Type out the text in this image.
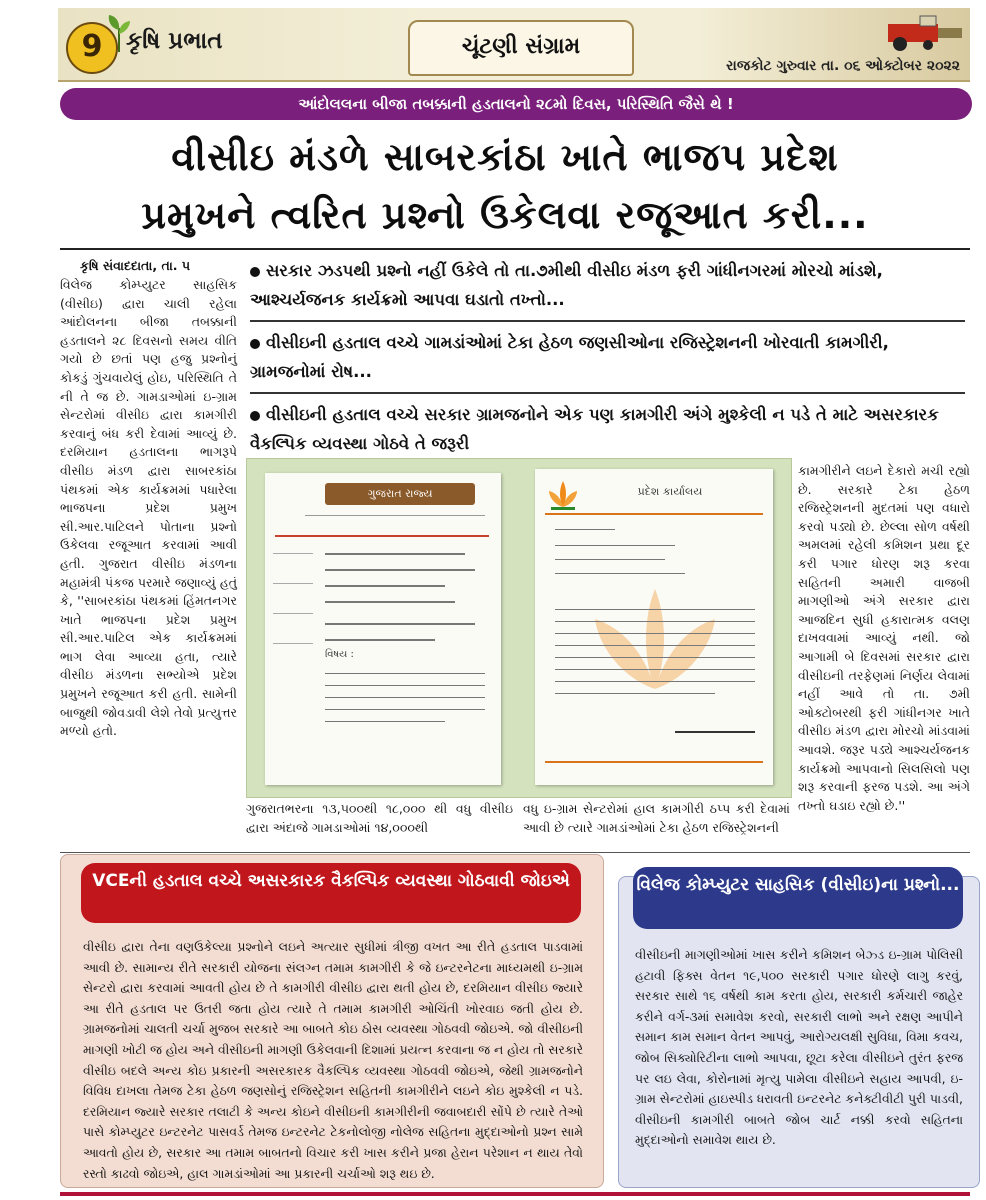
9	કૃષિ પ્રભાત	ચૂંટણી સંગ્રામ
રાજકોટ ગુરુવાર તા. ૦૬ ઓક્ટોબર ૨૦૨૨
આંદોલલના બીજા તબક્કાની હડતાલનો ૨૮મો દિવસ, પરિસ્થિતિ જૈસે થે !
વીસીઇ મંડળે સાબરકાંઠા ખાતે ભાજપ પ્રદેશ
પ્રમુખને ત્વરિત પ્રશ્નો ઉકેલવા રજૂઆત કરી...
કૃષિ સંવાદદાતા, તા. ૫
વિલેજ કોમ્પ્યુટર સાહસિક (વીસીઇ) દ્વારા ચાલી રહેલા આંદોલનના બીજા તબક્કાની હડતાલને ૨૮ દિવસનો સમય વીતિ ગયો છે છતાં પણ હજુ પ્રશ્નોનું કોકડું ગુંચવાયેલું હોઇ, પરિસ્થિતિ તે ની તે જ છે. ગામડાઓમાં ઇ-ગ્રામ સેન્ટરોમાં વીસીઇ દ્વારા કામગીરી કરવાનું બંધ કરી દેવામાં આવ્યું છે. દરમિયાન હડતાલના ભાગરૂપે વીસીઇ મંડળ દ્વારા સાબરકાંઠા પંથકમાં એક કાર્યક્રમમાં પધારેલા ભાજપના પ્રદેશ પ્રમુખ સી.આર.પાટિલને પોતાના પ્રશ્નો ઉકેલવા રજૂઆત કરવામાં આવી હતી. ગુજરાત વીસીઇ મંડળના મહામંત્રી પંકજ પરમારે જણાવ્યું હતું કે, ''સાબરકાંઠા પંથકમાં હિંમતનગર ખાતે ભાજપના પ્રદેશ પ્રમુખ સી.આર.પાટિલ એક કાર્યક્રમમાં ભાગ લેવા આવ્યા હતા, ત્યારે વીસીઇ મંડળના સભ્યોએ પ્રદેશ પ્રમુખને રજૂઆત કરી હતી. સામેની બાજુથી જોવડાવી લેશે તેવો પ્રત્યુત્તર મળ્યો હતો.
સરકાર ઝડપથી પ્રશ્નો નહીં ઉકેલે તો તા.૭મીથી વીસીઇ મંડળ ફરી ગાંધીનગરમાં મોરચો માંડશે, આશ્ચર્યજનક કાર્યક્રમો આપવા ઘડાતો તખ્તો...
વીસીઇની હડતાલ વચ્ચે ગામડાંઓમાં ટેકા હેઠળ જણસીઓના રજિસ્ટ્રેશનની ખોરવાતી કામગીરી, ગ્રામજનોમાં રોષ...
વીસીઇની હડતાલ વચ્ચે સરકાર ગ્રામજનોને એક પણ કામગીરી અંગે મુશ્કેલી ન પડે તે માટે અસરકારક વૈકલ્પિક વ્યવસ્થા ગોઠવે તે જરૂરી
ગુજરાત રાજ્ય
વિષય :
પ્રદેશ કાર્યાલય
કામગીરીને લઇને દેકારો મચી રહ્યો છે. સરકારે ટેકા હેઠળ રજિસ્ટ્રેશનની મુદતમાં પણ વધારો કરવો પડ્યો છે. છેલ્લા સોળ વર્ષથી અમલમાં રહેલી કમિશન પ્રથા દૂર કરી પગાર ધોરણ શરૂ કરવા સહિતની અમારી વાજબી માગણીઓ અંગે સરકાર દ્વારા આજદિન સુધી હકારાત્મક વલણ દાખવવામાં આવ્યું નથી. જો આગામી બે દિવસમાં સરકાર દ્વારા વીસીઇની તરફેણમાં નિર્ણય લેવામાં નહીં આવે તો તા. ૭મી ઓક્ટોબરથી ફરી ગાંધીનગર ખાતે વીસીઇ મંડળ દ્વારા મોરચો માંડવામાં આવશે. જરૂર પડ્યે આશ્ચર્યજનક કાર્યક્રમો આપવાનો સિલસિલો પણ શરૂ કરવાની ફરજ પડશે. આ અંગે તખ્તો ઘડાઇ રહ્યો છે.''
ગુજરાતભરના ૧૩,૫૦૦થી ૧૮,૦૦૦ થી વધુ વીસીઇ દ્વારા અંદાજે ગામડાઓમાં ૧૪,૦૦૦થી
વધુ ઇ-ગ્રામ સેન્ટરોમાં હાલ કામગીરી ઠપ્પ કરી દેવામાં આવી છે ત્યારે ગામડાંઓમાં ટેકા હેઠળ રજિસ્ટ્રેશનની
VCEની હડતાલ વચ્ચે અસરકારક વૈકલ્પિક વ્યવસ્થા ગોઠવાવી જોઇએ
વીસીઇ દ્વારા તેના વણઉકેલ્યા પ્રશ્નોને લઇને અત્યાર સુધીમાં ત્રીજી વખત આ રીતે હડતાલ પાડવામાં આવી છે. સામાન્ય રીતે સરકારી યોજના સંલગ્ન તમામ કામગીરી કે જે ઇન્ટરનેટના માધ્યમથી ઇ-ગ્રામ સેન્ટરો દ્વારા કરવામાં આવતી હોય છે તે કામગીરી વીસીઇ દ્વારા થતી હોય છે, દરમિયાન વીસીઇ જ્યારે આ રીતે હડતાલ પર ઉતરી જતા હોય ત્યારે તે તમામ કામગીરી ઓચિંતી ખોરવાઇ જતી હોય છે. ગ્રામજનોમાં ચાલતી ચર્ચા મુજબ સરકારે આ બાબતે કોઇ ઠોસ વ્યવસ્થા ગોઠવવી જોઇએ. જો વીસીઇની માગણી ખોટી જ હોય અને વીસીઇની માગણી ઉકેલવાની દિશામાં પ્રયત્ન કરવાના જ ન હોય તો સરકારે વીસીઇ બદલે અન્ય કોઇ પ્રકારની અસરકારક વૈકલ્પિક વ્યવસ્થા ગોઠવવી જોઇએ, જેથી ગ્રામજનોને વિવિધ દાખલા તેમજ ટેકા હેઠળ જણસોનું રજિસ્ટ્રેશન સહિતની કામગીરીને લઇને કોઇ મુશ્કેલી ન પડે. દરમિયાન જ્યારે સરકાર તલાટી કે અન્ય કોઇને વીસીઇની કામગીરીની જવાબદારી સોંપે છે ત્યારે તેઓ પાસે કોમ્પ્યુટર ઇન્ટરનેટ પાસવર્ડ તેમજ ઇન્ટરનેટ ટેકનોલોજી નોલેજ સહિતના મુદ્દાઓનો પ્રશ્ન સામે આવતો હોય છે, સરકાર આ તમામ બાબતનો વિચાર કરી ખાસ કરીને પ્રજા હેરાન પરેશાન ન થાય તેવો રસ્તો કાઢવો જોઇએ, હાલ ગામડાંઓમાં આ પ્રકારની ચર્ચાઓ શરૂ થઇ છે.
વિલેજ કોમ્પ્યુટર સાહસિક (વીસીઇ)ના પ્રશ્નો...
વીસીઇની માગણીઓમાં ખાસ કરીને કમિશન બેઝ્ડ ઇ-ગ્રામ પોલિસી હટાવી ફિક્સ વેતન ૧૯,૫૦૦ સરકારી પગાર ધોરણે લાગુ કરવું, સરકાર સાથે ૧૬ વર્ષથી કામ કરતા હોય, સરકારી કર્મચારી જાહેર કરીને વર્ગ-૩માં સમાવેશ કરવો, સરકારી લાભો અને રક્ષણ આપીને સમાન કામ સમાન વેતન આપવું, આરોગ્યલક્ષી સુવિધા, વિમા કવચ, જોબ સિક્યોરિટીના લાભો આપવા, છૂટા કરેલા વીસીઇને તુરંત ફરજ પર લઇ લેવા, કોરોનામાં મૃત્યુ પામેલા વીસીઇને સહાય આપવી, ઇ-ગ્રામ સેન્ટરોમાં હાઇસ્પીડ ધરાવતી ઇન્ટરનેટ કનેક્ટીવીટી પુરી પાડવી, વીસીઇની કામગીરી બાબતે જોબ ચાર્ટ નક્કી કરવો સહિતના મુદ્દાઓનો સમાવેશ થાય છે.
